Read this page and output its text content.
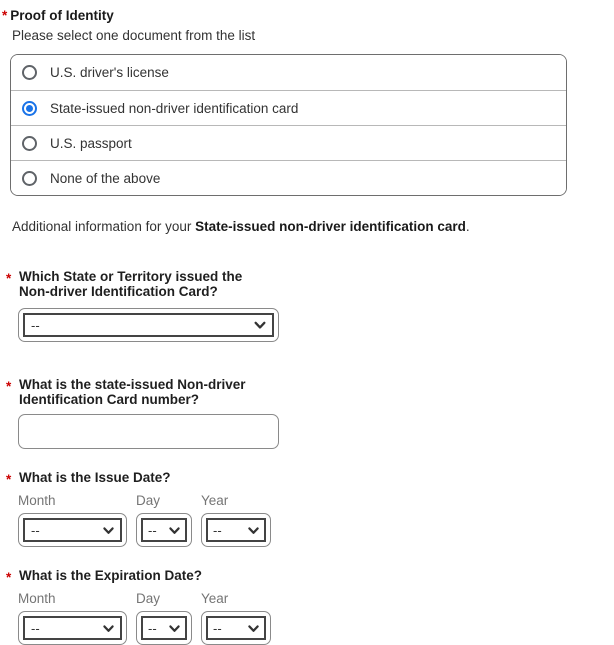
* Proof of Identity
Please select one document from the list
U.S. driver's license
State-issued non-driver identification card
U.S. passport
None of the above
Additional information for your State-issued non-driver identification card.
* Which State or Territory issued the
Non-driver Identification Card?
--
* What is the state-issued Non-driver
Identification Card number?
* What is the Issue Date?
Month	Day	Year
--	--	--
* What is the Expiration Date?
Month	Day	Year
--	--	--
